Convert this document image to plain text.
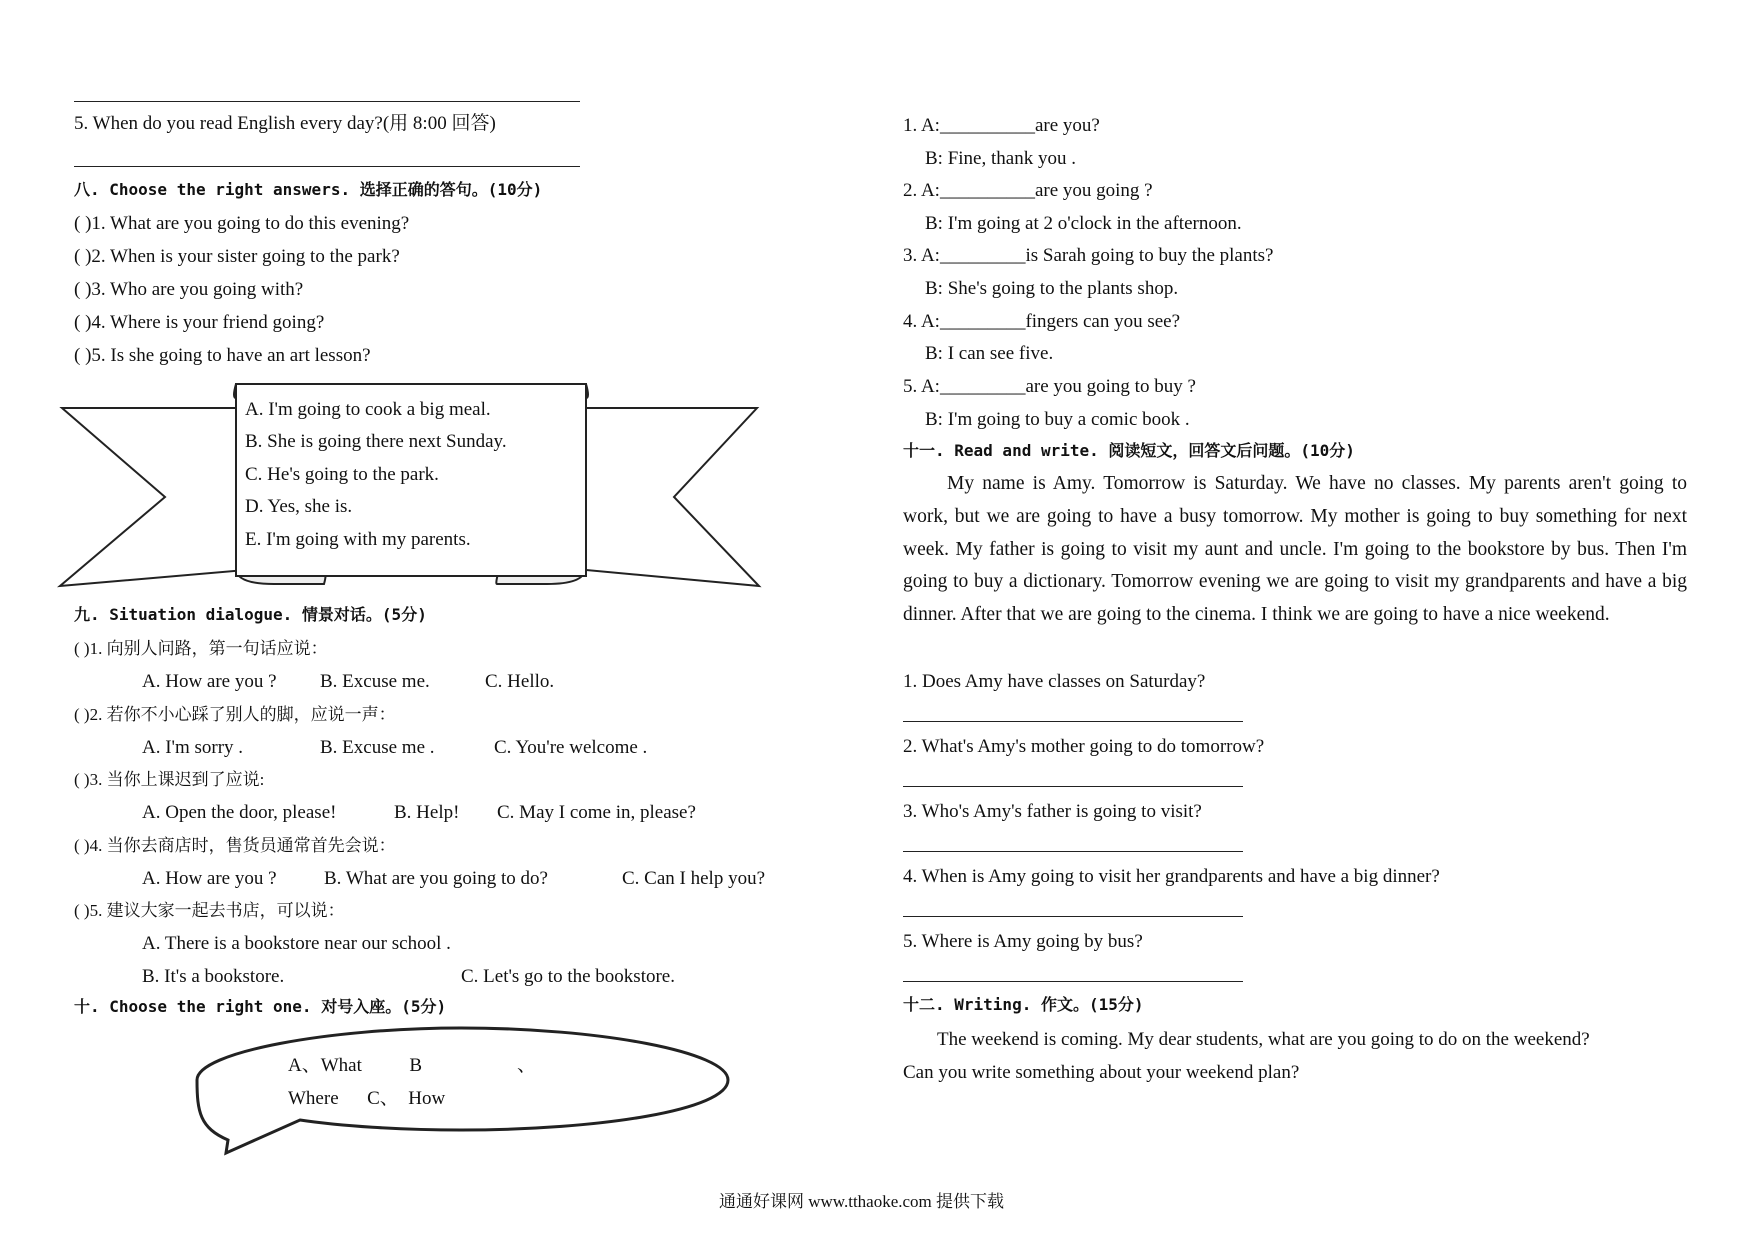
5. When do you read English every day?(用 8:00 回答)
八. Choose the right answers. 选择正确的答句。(10分)
( )1. What are you going to do this evening?
( )2. When is your sister going to the park?
( )3. Who are you going with?
( )4. Where is your friend going?
( )5. Is she going to have an art lesson?
A. I'm going to cook a big meal.
B. She is going there next Sunday.
C. He's going to the park.
D. Yes, she is.
E. I'm going with my parents.
九. Situation dialogue. 情景对话。(5分)
( )1. 向别人问路，第一句话应说：
A. How are you ? B. Excuse me.	C. Hello.
( )2. 若你不小心踩了别人的脚，应说一声：
A. I'm sorry .	B. Excuse me .	C. You're welcome .
( )3. 当你上课迟到了应说:
A. Open the door, please!	B. Help! C. May I come in, please?
( )4. 当你去商店时，售货员通常首先会说：
A. How are you ? B. What are you going to do?	C. Can I help you?
( )5. 建议大家一起去书店，可以说：
A. There is a bookstore near our school .
B. It's a bookstore.	C. Let's go to the bookstore.
十. Choose the right one. 对号入座。(5分)
A、What          B                    、
Where      C、  How
1. A:__________are you?
B: Fine, thank you .
2. A:__________are you going ?
B: I'm going at 2 o'clock in the afternoon.
3. A:_________is Sarah going to buy the plants?
B: She's going to the plants shop.
4. A:_________fingers can you see?
B: I can see five.
5. A:_________are you going to buy ?
B: I'm going to buy a comic book .
十一. Read and write. 阅读短文，回答文后问题。(10分)
My name is Amy. Tomorrow is Saturday. We have no classes. My parents aren't going to work, but we are going to have a busy tomorrow. My mother is going to buy something for next week. My father is going to visit my aunt and uncle. I'm going to the bookstore by bus. Then I'm going to buy a dictionary. Tomorrow evening we are going to visit my grandparents and have a big dinner. After that we are going to the cinema. I think we are going to have a nice weekend.
1. Does Amy have classes on Saturday?
2. What's Amy's mother going to do tomorrow?
3. Who's Amy's father is going to visit?
4. When is Amy going to visit her grandparents and have a big dinner?
5. Where is Amy going by bus?
十二. Writing. 作文。(15分)
The weekend is coming. My dear students, what are you going to do on the weekend?
Can you write something about your weekend plan?
通通好课网 www.tthaoke.com 提供下载
